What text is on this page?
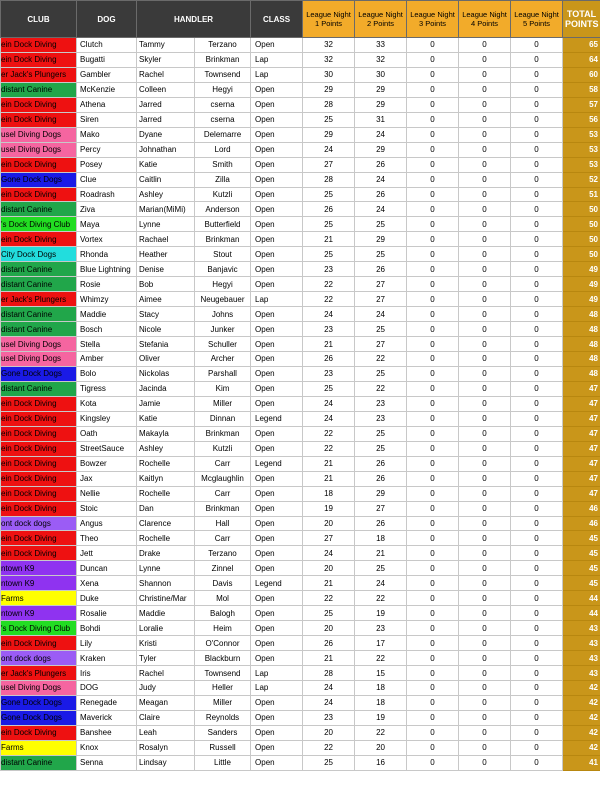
CLUB	DOG	HANDLER		CLASS	League Night 1 Points	League Night 2 Points	League Night 3 Points	League Night 4 Points	League Night 5 Points	TOTAL POINTS
ein Dock Diving	Clutch	Tammy	Terzano	Open	32	33	0	0	0	65
ein Dock Diving	Bugatti	Skyler	Brinkman	Lap	32	32	0	0	0	64
er Jack's Plungers	Gambler	Rachel	Townsend	Lap	30	30	0	0	0	60
distant Canine	McKenzie	Colleen	Hegyi	Open	29	29	0	0	0	58
ein Dock Diving	Athena	Jarred	cserna	Open	28	29	0	0	0	57
ein Dock Diving	Siren	Jarred	cserna	Open	25	31	0	0	0	56
usel Diving Dogs	Mako	Dyane	Delemarre	Open	29	24	0	0	0	53
usel Diving Dogs	Percy	Johnathan	Lord	Open	24	29	0	0	0	53
ein Dock Diving	Posey	Katie	Smith	Open	27	26	0	0	0	53
Gone Dock Dogs	Clue	Caitlin	Zilla	Open	28	24	0	0	0	52
ein Dock Diving	Roadrash	Ashley	Kutzli	Open	25	26	0	0	0	51
distant Canine	Ziva	Marian(MiMi)	Anderson	Open	26	24	0	0	0	50
's Dock Diving Club	Maya	Lynne	Butterfield	Open	25	25	0	0	0	50
ein Dock Diving	Vortex	Rachael	Brinkman	Open	21	29	0	0	0	50
City Dock Dogs	Rhonda	Heather	Stout	Open	25	25	0	0	0	50
distant Canine	Blue Lightning	Denise	Banjavic	Open	23	26	0	0	0	49
distant Canine	Rosie	Bob	Hegyi	Open	22	27	0	0	0	49
er Jack's Plungers	Whimzy	Aimee	Neugebauer	Lap	22	27	0	0	0	49
distant Canine	Maddie	Stacy	Johns	Open	24	24	0	0	0	48
distant Canine	Bosch	Nicole	Junker	Open	23	25	0	0	0	48
usel Diving Dogs	Stella	Stefania	Schuller	Open	21	27	0	0	0	48
usel Diving Dogs	Amber	Oliver	Archer	Open	26	22	0	0	0	48
Gone Dock Dogs	Bolo	Nickolas	Parshall	Open	23	25	0	0	0	48
distant Canine	Tigress	Jacinda	Kim	Open	25	22	0	0	0	47
ein Dock Diving	Kota	Jamie	Miller	Open	24	23	0	0	0	47
ein Dock Diving	Kingsley	Katie	Dinnan	Legend	24	23	0	0	0	47
ein Dock Diving	Oath	Makayla	Brinkman	Open	22	25	0	0	0	47
ein Dock Diving	StreetSauce	Ashley	Kutzli	Open	22	25	0	0	0	47
ein Dock Diving	Bowzer	Rochelle	Carr	Legend	21	26	0	0	0	47
ein Dock Diving	Jax	Kaitlyn	Mcglaughlin	Open	21	26	0	0	0	47
ein Dock Diving	Nellie	Rochelle	Carr	Open	18	29	0	0	0	47
ein Dock Diving	Stoic	Dan	Brinkman	Open	19	27	0	0	0	46
ont dock dogs	Angus	Clarence	Hall	Open	20	26	0	0	0	46
ein Dock Diving	Theo	Rochelle	Carr	Open	27	18	0	0	0	45
ein Dock Diving	Jett	Drake	Terzano	Open	24	21	0	0	0	45
ntown K9	Duncan	Lynne	Zinnel	Open	20	25	0	0	0	45
ntown K9	Xena	Shannon	Davis	Legend	21	24	0	0	0	45
Farms	Duke	Christine/Mar	Mol	Open	22	22	0	0	0	44
ntown K9	Rosalie	Maddie	Balogh	Open	25	19	0	0	0	44
's Dock Diving Club	Bohdi	Loralie	Heim	Open	20	23	0	0	0	43
ein Dock Diving	Lily	Kristi	O'Connor	Open	26	17	0	0	0	43
ont dock dogs	Kraken	Tyler	Blackburn	Open	21	22	0	0	0	43
er Jack's Plungers	Iris	Rachel	Townsend	Lap	28	15	0	0	0	43
usel Diving Dogs	DOG	Judy	Heller	Lap	24	18	0	0	0	42
Gone Dock Dogs	Renegade	Meagan	Miller	Open	24	18	0	0	0	42
Gone Dock Dogs	Maverick	Claire	Reynolds	Open	23	19	0	0	0	42
ein Dock Diving	Banshee	Leah	Sanders	Open	20	22	0	0	0	42
Farms	Knox	Rosalyn	Russell	Open	22	20	0	0	0	42
distant Canine	Senna	Lindsay	Little	Open	25	16	0	0	0	41
